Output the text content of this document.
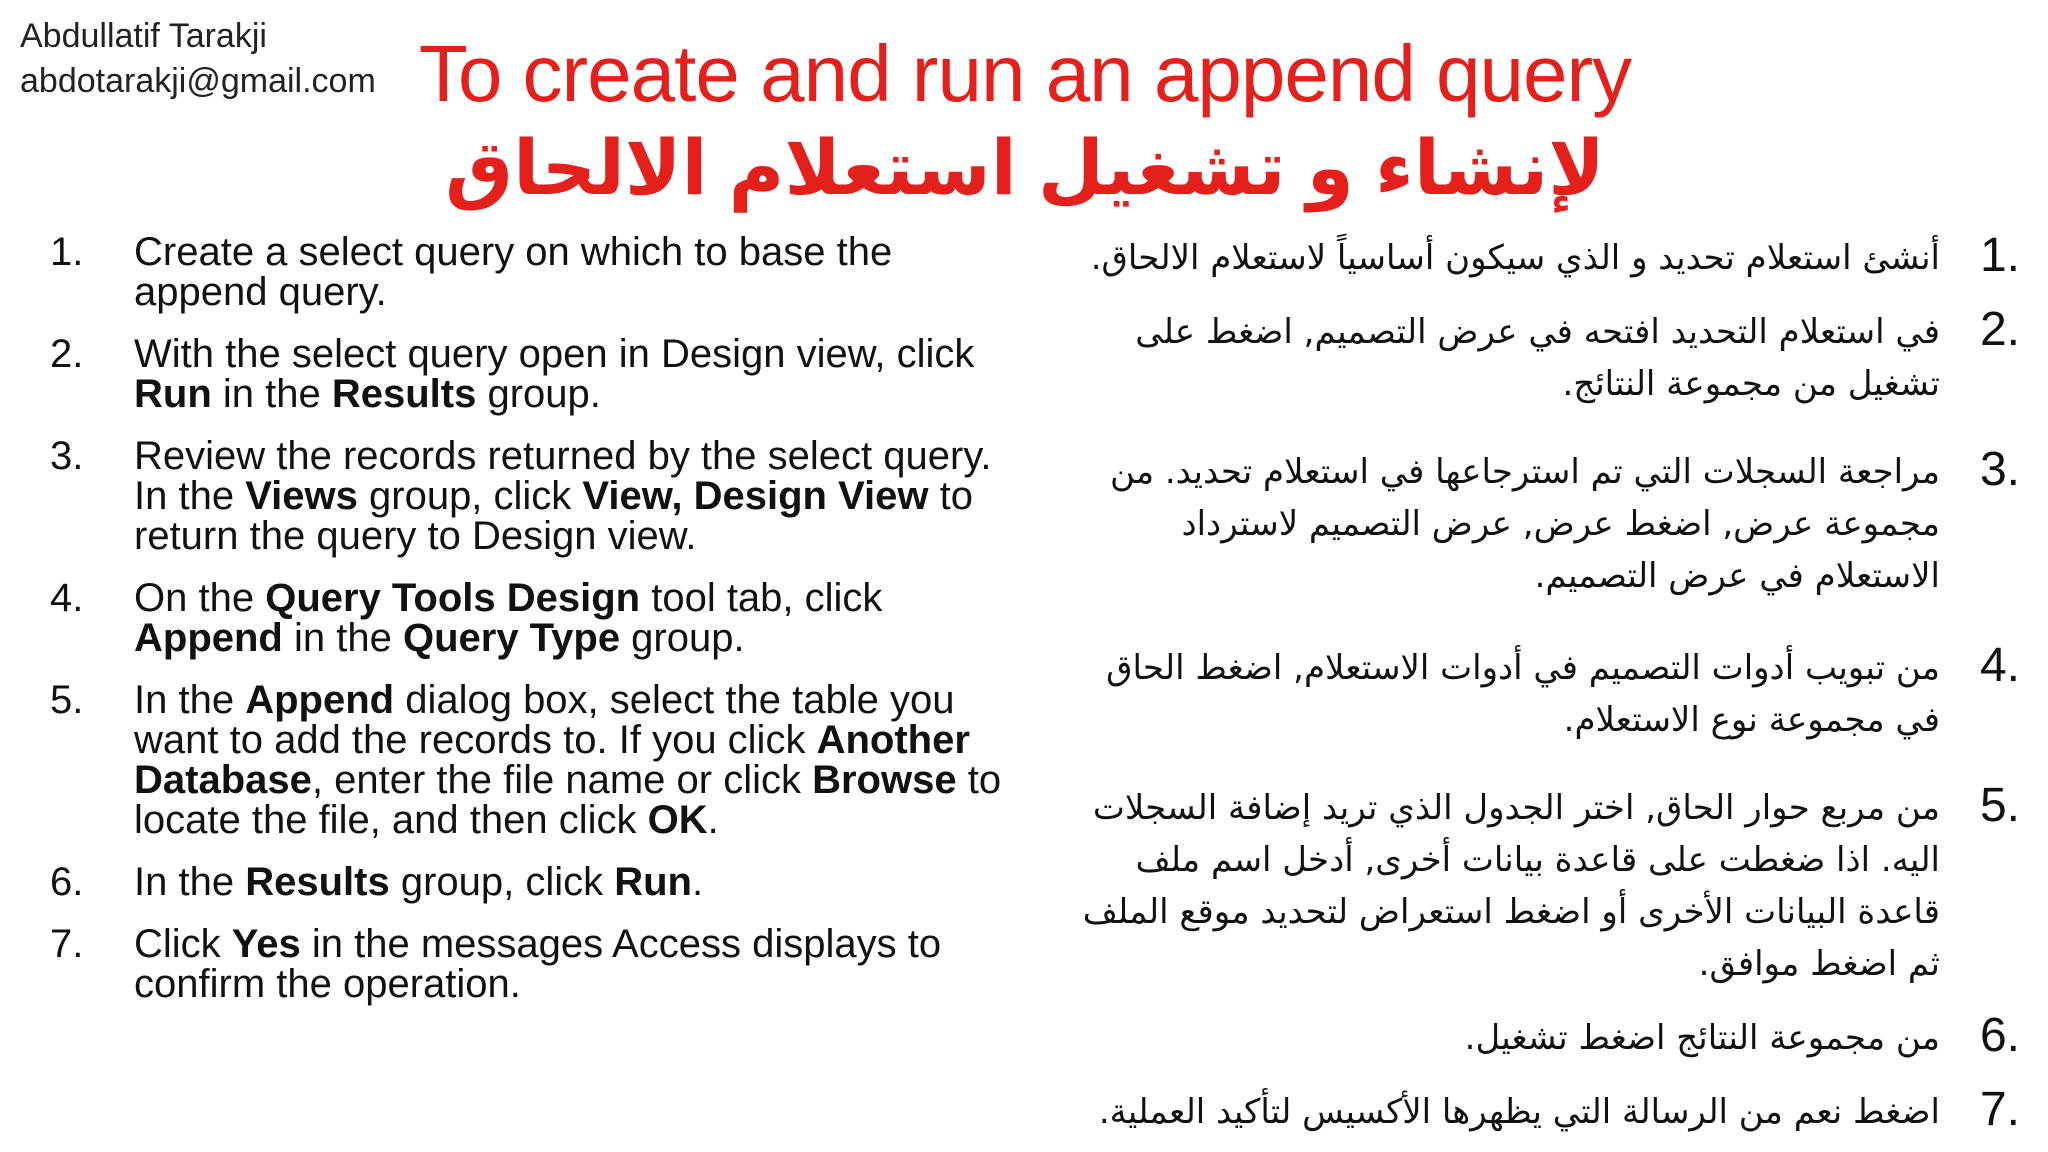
Abdullatif Tarakji
abdotarakji@gmail.com To create and run an append query
لإنشاء و تشغيل استعلام الالحاق
1. Create a select query on which to base the append query.
2. With the select query open in Design view, click Run in the Results group.
3. Review the records returned by the select query. In the Views group, click View, Design View to return the query to Design view.
4. On the Query Tools Design tool tab, click Append in the Query Type group.
5. In the Append dialog box, select the table you want to add the records to. If you click Another Database, enter the file name or click Browse to locate the file, and then click OK.
6. In the Results group, click Run.
7. Click Yes in the messages Access displays to confirm the operation.
1.
أنشئ استعلام تحديد و الذي سيكون أساسياً لاستعلام الالحاق.
2.
في استعلام التحديد افتحه في عرض التصميم, اضغط على تشغيل من مجموعة النتائج.
3.
مراجعة السجلات التي تم استرجاعها في استعلام تحديد. من مجموعة عرض, اضغط عرض, عرض التصميم لاسترداد الاستعلام في عرض التصميم.
4.
من تبويب أدوات التصميم في أدوات الاستعلام, اضغط الحاق في مجموعة نوع الاستعلام.
5.
من مربع حوار الحاق, اختر الجدول الذي تريد إضافة السجلات اليه. اذا ضغطت على قاعدة بيانات أخرى, أدخل اسم ملف قاعدة البيانات الأخرى أو اضغط استعراض لتحديد موقع الملف ثم اضغط موافق.
6.
من مجموعة النتائج اضغط تشغيل.
7.
اضغط نعم من الرسالة التي يظهرها الأكسيس لتأكيد العملية.
